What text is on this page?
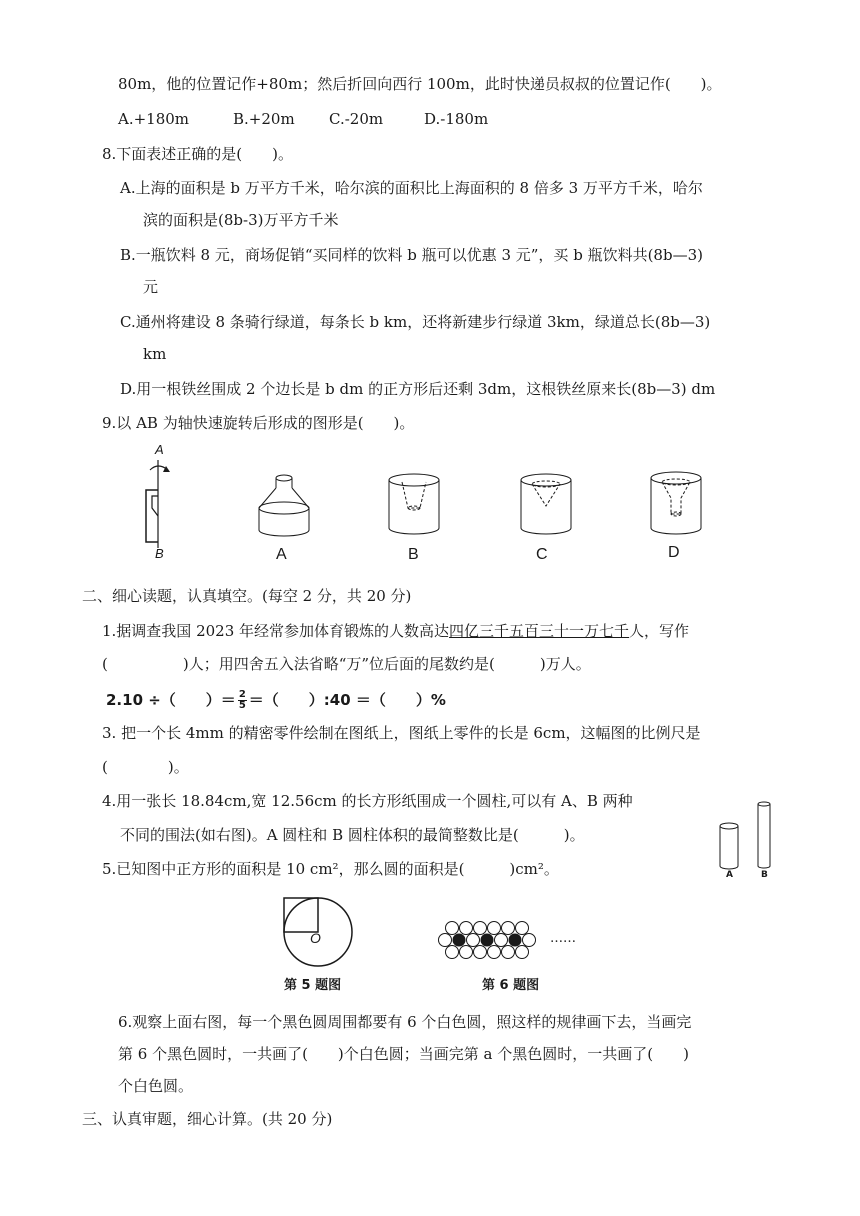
80m，他的位置记作+80m；然后折回向西行 100m，此时快递员叔叔的位置记作(　　)。
A.+180m	B.+20m C.-20m	D.-180m
8.下面表述正确的是(　　)。
A.上海的面积是 b 万平方千米，哈尔滨的面积比上海面积的 8 倍多 3 万平方千米，哈尔
滨的面积是(8b-3)万平方千米
B.一瓶饮料 8 元，商场促销“买同样的饮料 b 瓶可以优惠 3 元”，买 b 瓶饮料共(8b—3)
元
C.通州将建设 8 条骑行绿道，每条长 b km，还将新建步行绿道 3km，绿道总长(8b—3)
km
D.用一根铁丝围成 2 个边长是 b dm 的正方形后还剩 3dm，这根铁丝原来长(8b—3) dm
9.以 AB 为轴快速旋转后形成的图形是(　　)。
A
B	A	B	C	D
二、细心读题，认真填空。(每空 2 分，共 20 分)
1.据调查我国 2023 年经常参加体育锻炼的人数高达四亿三千五百三十一万七千人，写作
(　　　　　)人；用四舍五入法省略“万”位后面的尾数约是(　　　)万人。
2.10 ÷（　　）＝ $\frac{2}{5}$ ＝（　　）:40 ＝（　　）%
3. 把一个长 4mm 的精密零件绘制在图纸上，图纸上零件的长是 6cm，这幅图的比例尺是
(　　　　)。
4.用一张长 18.84cm,宽 12.56cm 的长方形纸围成一个圆柱,可以有 A、B 两种
不同的围法(如右图)。A 圆柱和 B 圆柱体积的最简整数比是(　　　)。
A	B
5.已知图中正方形的面积是 10 cm²，那么圆的面积是(　　　)cm²。
O
第 5 题图
……
第 6 题图
6.观察上面右图，每一个黑色圆周围都要有 6 个白色圆，照这样的规律画下去，当画完
第 6 个黑色圆时，一共画了(　　)个白色圆；当画完第 a 个黑色圆时，一共画了(　　)
个白色圆。
三、认真审题，细心计算。(共 20 分)
